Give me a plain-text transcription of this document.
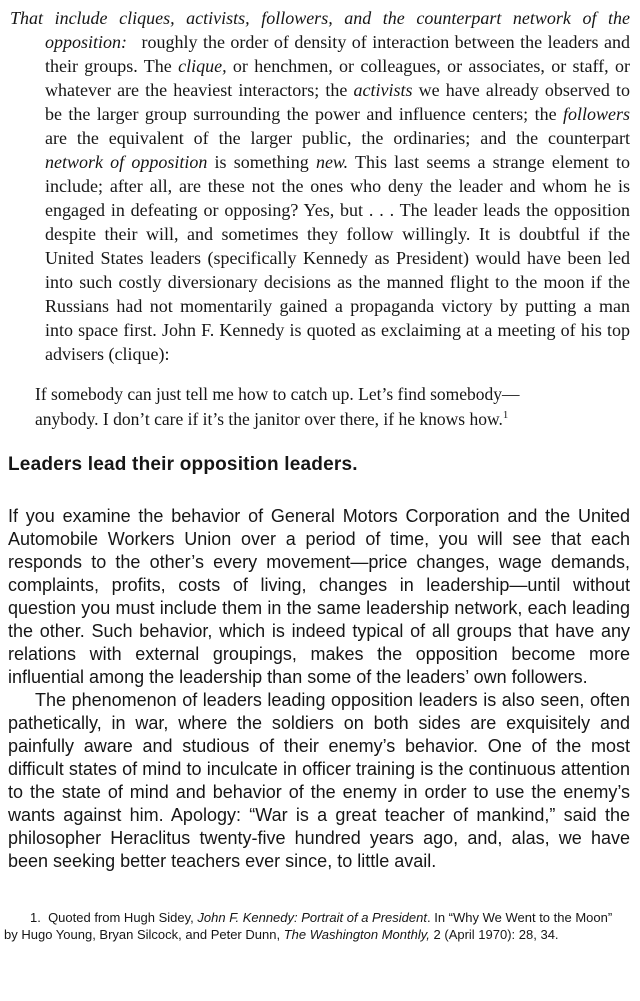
That include cliques, activists, followers, and the counterpart network of the opposition:  roughly the order of density of interaction between the leaders and their groups. The clique, or henchmen, or colleagues, or associates, or staff, or whatever are the heaviest interactors; the activists we have already observed to be the larger group surrounding the power and influence centers; the followers are the equivalent of the larger public, the ordinaries; and the counterpart network of opposition is something new. This last seems a strange element to include; after all, are these not the ones who deny the leader and whom he is engaged in defeating or opposing? Yes, but . . . The leader leads the opposition despite their will, and sometimes they follow willingly. It is doubtful if the United States leaders (specifically Kennedy as President) would have been led into such costly diversionary decisions as the manned flight to the moon if the Russians had not momentarily gained a propaganda victory by putting a man into space first. John F. Kennedy is quoted as exclaiming at a meeting of his top advisers (clique):

If somebody can just tell me how to catch up. Let’s find somebody—
anybody. I don’t care if it’s the janitor over there, if he knows how.$^1$
Leaders lead their opposition leaders.

If you examine the behavior of General Motors Corporation and the United Automobile Workers Union over a period of time, you will see that each responds to the other’s every movement—price changes, wage demands, complaints, profits, costs of living, changes in leadership—until without question you must include them in the same leadership network, each leading the other. Such behavior, which is indeed typical of all groups that have any relations with external groupings, makes the opposition become more influential among the leadership than some of the leaders’ own followers.

The phenomenon of leaders leading opposition leaders is also seen, often pathetically, in war, where the soldiers on both sides are exquisitely and painfully aware and studious of their enemy’s behavior. One of the most difficult states of mind to inculcate in officer training is the continuous attention to the state of mind and behavior of the enemy in order to use the enemy’s wants against him. Apology: “War is a great teacher of mankind,” said the philosopher Heraclitus twenty-five hundred years ago, and, alas, we have been seeking better teachers ever since, to little avail.

1.  Quoted from Hugh Sidey, John F. Kennedy: Portrait of a President. In “Why We Went to the Moon”
by Hugo Young, Bryan Silcock, and Peter Dunn, The Washington Monthly, 2 (April 1970): 28, 34.
